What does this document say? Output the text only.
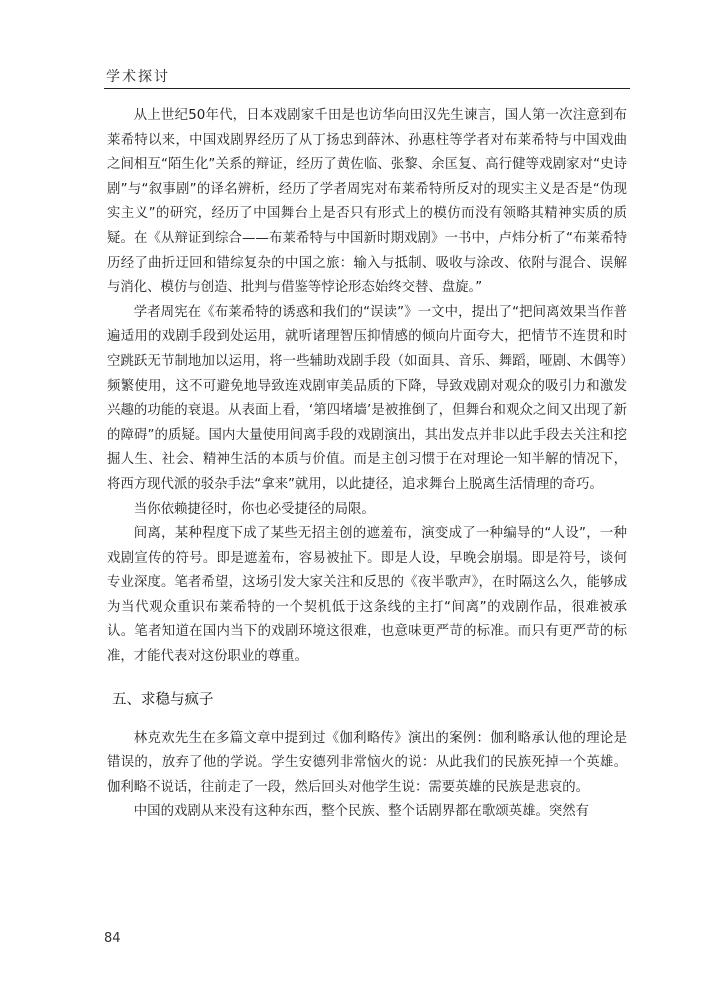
学术探讨

从上世纪50年代，日本戏剧家千田是也访华向田汉先生谏言，国人第一次注意到布莱希特以来，中国戏剧界经历了从丁扬忠到薛沐、孙惠柱等学者对布莱希特与中国戏曲之间相互“陌生化”关系的辩证，经历了黄佐临、张黎、余匡复、高行健等戏剧家对“史诗剧”与“叙事剧”的译名辨析，经历了学者周宪对布莱希特所反对的现实主义是否是“伪现实主义”的研究，经历了中国舞台上是否只有形式上的模仿而没有领略其精神实质的质疑。在《从辩证到综合——布莱希特与中国新时期戏剧》一书中，卢炜分析了“布莱希特历经了曲折迂回和错综复杂的中国之旅：输入与抵制、吸收与涂改、依附与混合、误解与消化、模仿与创造、批判与借鉴等悖论形态始终交替、盘旋。”

学者周宪在《布莱希特的诱惑和我们的“误读”》一文中，提出了“把间离效果当作普遍适用的戏剧手段到处运用，就听诸理智压抑情感的倾向片面夸大，把情节不连贯和时空跳跃无节制地加以运用，将一些辅助戏剧手段（如面具、音乐、舞蹈，哑剧、木偶等）频繁使用，这不可避免地导致连戏剧审美品质的下降，导致戏剧对观众的吸引力和激发兴趣的功能的衰退。从表面上看，‘第四堵墙’是被推倒了，但舞台和观众之间又出现了新的障碍”的质疑。国内大量使用间离手段的戏剧演出，其出发点并非以此手段去关注和挖掘人生、社会、精神生活的本质与价值。而是主创习惯于在对理论一知半解的情况下，将西方现代派的驳杂手法“拿来”就用，以此捷径，追求舞台上脱离生活情理的奇巧。

当你依赖捷径时，你也必受捷径的局限。

间离，某种程度下成了某些无招主创的遮羞布，演变成了一种编导的“人设”，一种戏剧宣传的符号。即是遮羞布，容易被扯下。即是人设，早晚会崩塌。即是符号，谈何专业深度。笔者希望，这场引发大家关注和反思的《夜半歌声》，在时隔这么久，能够成为当代观众重识布莱希特的一个契机低于这条线的主打“间离”的戏剧作品，很难被承认。笔者知道在国内当下的戏剧环境这很难，也意味更严苛的标准。而只有更严苛的标准，才能代表对这份职业的尊重。

五、求稳与疯子

林克欢先生在多篇文章中提到过《伽利略传》演出的案例：伽利略承认他的理论是错误的，放弃了他的学说。学生安德列非常恼火的说：从此我们的民族死掉一个英雄。伽利略不说话，往前走了一段，然后回头对他学生说：需要英雄的民族是悲哀的。

中国的戏剧从来没有这种东西，整个民族、整个话剧界都在歌颂英雄。突然有

84
